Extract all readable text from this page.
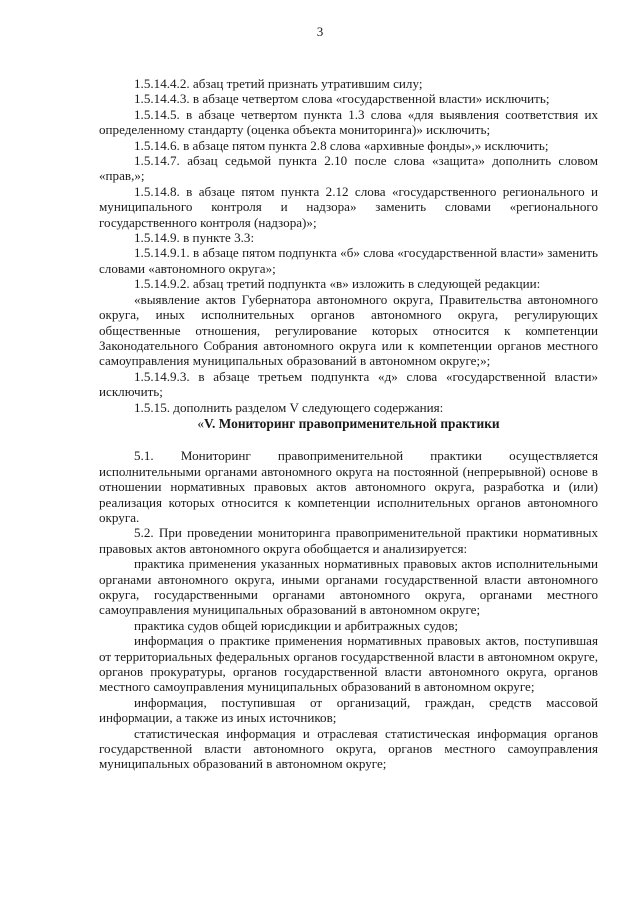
3

1.5.14.4.2. абзац третий признать утратившим силу;

1.5.14.4.3. в абзаце четвертом слова «государственной власти» исключить;

1.5.14.5. в абзаце четвертом пункта 1.3 слова «для выявления соответствия их определенному стандарту (оценка объекта мониторинга)» исключить;

1.5.14.6. в абзаце пятом пункта 2.8 слова «архивные фонды»,» исключить;

1.5.14.7. абзац седьмой пункта 2.10 после слова «защита» дополнить словом «прав,»;

1.5.14.8. в абзаце пятом пункта 2.12 слова «государственного регионального и муниципального контроля и надзора» заменить словами «регионального государственного контроля (надзора)»;

1.5.14.9. в пункте 3.3:

1.5.14.9.1. в абзаце пятом подпункта «б» слова «государственной власти» заменить словами «автономного округа»;

1.5.14.9.2. абзац третий подпункта «в» изложить в следующей редакции:

«выявление актов Губернатора автономного округа, Правительства автономного округа, иных исполнительных органов автономного округа, регулирующих общественные отношения, регулирование которых относится к компетенции Законодательного Собрания автономного округа или к компетенции органов местного самоуправления муниципальных образований в автономном округе;»;

1.5.14.9.3. в абзаце третьем подпункта «д» слова «государственной власти» исключить;

1.5.15. дополнить разделом V следующего содержания:

«V. Мониторинг правоприменительной практики

5.1. Мониторинг правоприменительной практики осуществляется исполнительными органами автономного округа на постоянной (непрерывной) основе в отношении нормативных правовых актов автономного округа, разработка и (или) реализация которых относится к компетенции исполнительных органов автономного округа.

5.2. При проведении мониторинга правоприменительной практики нормативных правовых актов автономного округа обобщается и анализируется:

практика применения указанных нормативных правовых актов исполнительными органами автономного округа, иными органами государственной власти автономного округа, государственными органами автономного округа, органами местного самоуправления муниципальных образований в автономном округе;

практика судов общей юрисдикции и арбитражных судов;

информация о практике применения нормативных правовых актов, поступившая от территориальных федеральных органов государственной власти в автономном округе, органов прокуратуры, органов государственной власти автономного округа, органов местного самоуправления муниципальных образований в автономном округе;

информация, поступившая от организаций, граждан, средств массовой информации, а также из иных источников;

статистическая информация и отраслевая статистическая информация органов государственной власти автономного округа, органов местного самоуправления муниципальных образований в автономном округе;
